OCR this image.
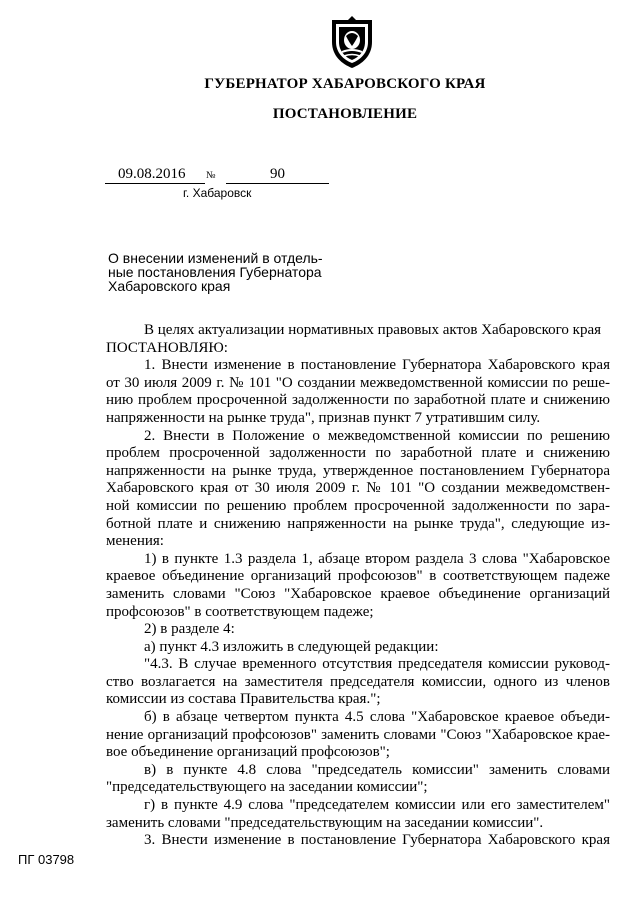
ГУБЕРНАТОР ХАБАРОВСКОГО КРАЯ
ПОСТАНОВЛЕНИЕ
09.08.2016 №	90
г. Хабаровск
О внесении изменений в отдель-
ные постановления Губернатора
Хабаровского края
В целях актуализации нормативных правовых актов Хабаровского края
ПОСТАНОВЛЯЮ:
1. Внести изменение в постановление Губернатора Хабаровского края
от 30 июля 2009 г. № 101 "О создании межведомственной комиссии по реше-
нию проблем просроченной задолженности по заработной плате и снижению
напряженности на рынке труда", признав пункт 7 утратившим силу.
2. Внести в Положение о межведомственной комиссии по решению
проблем просроченной задолженности по заработной плате и снижению
напряженности на рынке труда, утвержденное постановлением Губернатора
Хабаровского края от 30 июля 2009 г. № 101 "О создании межведомствен-
ной комиссии по решению проблем просроченной задолженности по зара-
ботной плате и снижению напряженности на рынке труда", следующие из-
менения:
1) в пункте 1.3 раздела 1, абзаце втором раздела 3 слова "Хабаровское
краевое объединение организаций профсоюзов" в соответствующем падеже
заменить словами "Союз "Хабаровское краевое объединение организаций
профсоюзов" в соответствующем падеже;
2) в разделе 4:
а) пункт 4.3 изложить в следующей редакции:
"4.3. В случае временного отсутствия председателя комиссии руковод-
ство возлагается на заместителя председателя комиссии, одного из членов
комиссии из состава Правительства края.";
б) в абзаце четвертом пункта 4.5 слова "Хабаровское краевое объеди-
нение организаций профсоюзов" заменить словами "Союз "Хабаровское крае-
вое объединение организаций профсоюзов";
в) в пункте 4.8 слова "председатель комиссии" заменить словами
"председательствующего на заседании комиссии";
г) в пункте 4.9 слова "председателем комиссии или его заместителем"
заменить словами "председательствующим на заседании комиссии".
3. Внести изменение в постановление Губернатора Хабаровского края
ПГ 03798
